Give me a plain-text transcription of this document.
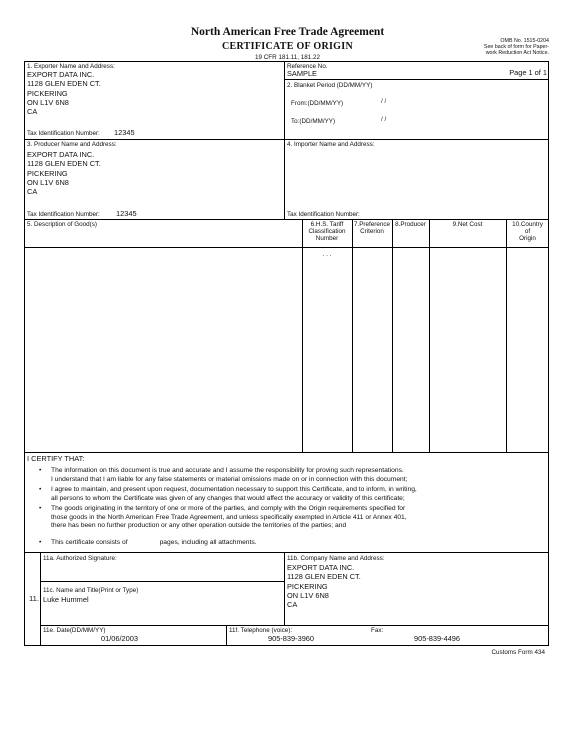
North American Free Trade Agreement
CERTIFICATE OF ORIGIN
19 CFR 181.11, 181.22
OMB No. 1515-0204
See back of form for Paper-
work Reduction Act Notice.
1. Exporter Name and Address:
EXPORT DATA INC.
1128 GLEN EDEN CT.
PICKERING
ON L1V 6N8
CA
Tax Identification Number: 12345
Reference No.
SAMPLE	Page 1 of 1
2. Blanket Period (DD/MM/YY)
From:(DD/MM/YY)	/ /
To:(DD/MM/YY)	/ /
3. Producer Name and Address:
EXPORT DATA INC.
1128 GLEN EDEN CT.
PICKERING
ON L1V 6N8
CA
Tax Identification Number: 12345
4. Importer Name and Address:
Tax Identification Number:
5. Description of Good(s)	6.H.S. Tariff
Classification
Number
7.Preference
Criterion
8.Producer	9.Net Cost	10.Country
of
Origin
. . .
I CERTIFY THAT:
• The information on this document is true and accurate and I assume the responsibility for proving such representations.
I understand that I am liable for any false statements or material omissions made on or in connection with this document;
• I agree to maintain, and present upon request, documentation necessary to support this Certificate, and to inform, in writing,
all persons to whom the Certificate was given of any changes that would affect the accuracy or validity of this certificate;
• The goods originating in the territory of one or more of the parties, and comply with the Origin requirements specified for
those goods in the North American Free Trade Agreement, and unless specifically exempted in Article 411 or Annex 401,
there has been no further production or any other operation outside the territories of the parties; and
• This certificate consists of	pages, including all attachments.
11.
11a. Authorized Signature:
11c. Name and Title(Print or Type)
Luke Hummel
11b. Company Name and Address:
EXPORT DATA INC.
1128 GLEN EDEN CT.
PICKERING
ON L1V 6N8
CA
11e. Date(DD/MM/YY)
01/06/2003
11f. Telephone (voice):
905-839-3960
Fax:
905-839-4496
Customs Form 434
